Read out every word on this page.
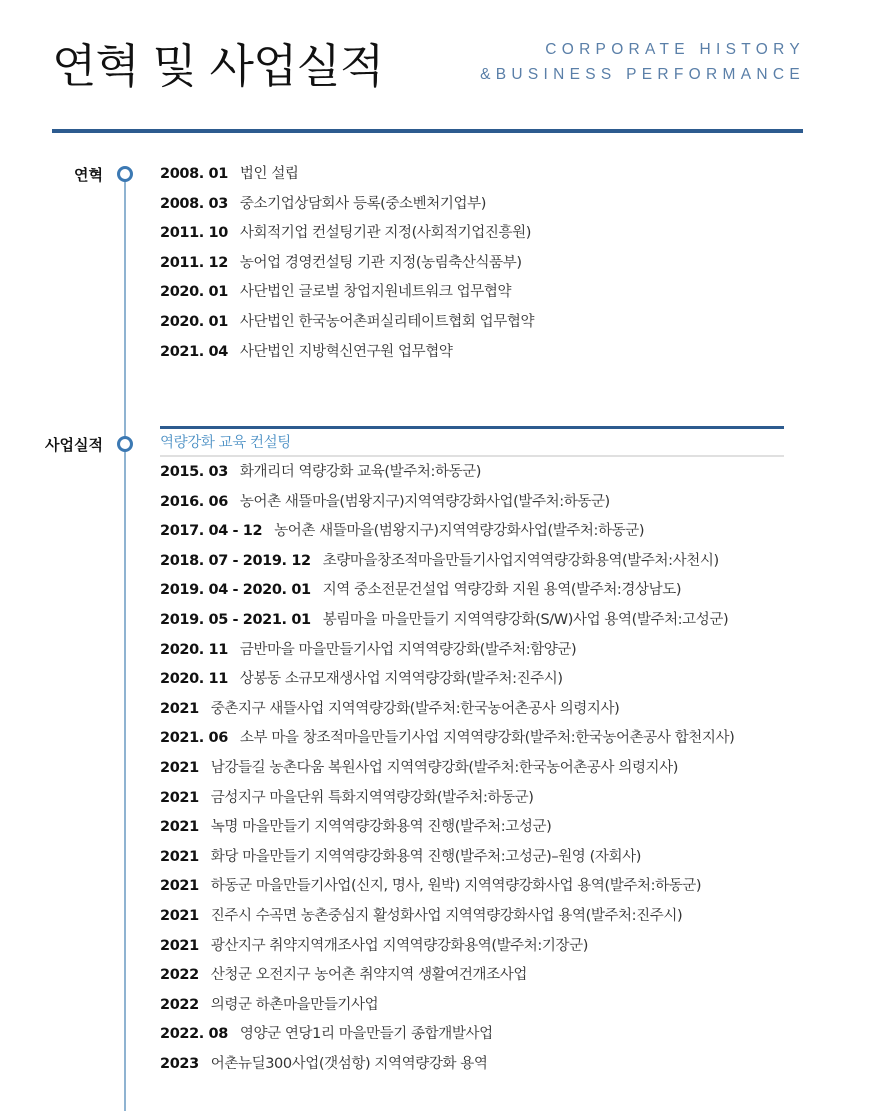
연혁 및 사업실적	CORPORATE HISTORY
&BUSINESS PERFORMANCE
연혁	2008. 01 법인 설립
2008. 03 중소기업상담회사 등록(중소벤처기업부)
2011. 10 사회적기업 컨설팅기관 지정(사회적기업진흥원)
2011. 12 농어업 경영컨설팅 기관 지정(농림축산식품부)
2020. 01 사단법인 글로벌 창업지원네트워크 업무협약
2020. 01 사단법인 한국농어촌퍼실리테이트협회 업무협약
2021. 04 사단법인 지방혁신연구원 업무협약
사업실적	역량강화 교육 컨설팅
2015. 03 화개리더 역량강화 교육(발주처:하동군)
2016. 06 농어촌 새뜰마을(범왕지구)지역역량강화사업(발주처:하동군)
2017. 04 - 12 농어촌 새뜰마을(범왕지구)지역역량강화사업(발주처:하동군)
2018. 07 - 2019. 12 초량마을창조적마을만들기사업지역역량강화용역(발주처:사천시)
2019. 04 - 2020. 01 지역 중소전문건설업 역량강화 지원 용역(발주처:경상남도)
2019. 05 - 2021. 01 봉림마을 마을만들기 지역역량강화(S/W)사업 용역(발주처:고성군)
2020. 11 금반마을 마을만들기사업 지역역량강화(발주처:함양군)
2020. 11 상봉동 소규모재생사업 지역역량강화(발주처:진주시)
2021 중촌지구 새뜰사업 지역역량강화(발주처:한국농어촌공사 의령지사)
2021. 06 소부 마을 창조적마을만들기사업 지역역량강화(발주처:한국농어촌공사 합천지사)
2021 남강들길 농촌다움 복원사업 지역역량강화(발주처:한국농어촌공사 의령지사)
2021 금성지구 마을단위 특화지역역량강화(발주처:하동군)
2021 녹명 마을만들기 지역역량강화용역 진행(발주처:고성군)
2021 화당 마을만들기 지역역량강화용역 진행(발주처:고성군)–원영 (자회사)
2021 하동군 마을만들기사업(신지, 명사, 원박) 지역역량강화사업 용역(발주처:하동군)
2021 진주시 수곡면 농촌중심지 활성화사업 지역역량강화사업 용역(발주처:진주시)
2021 광산지구 취약지역개조사업 지역역량강화용역(발주처:기장군)
2022 산청군 오전지구 농어촌 취약지역 생활여건개조사업
2022 의령군 하촌마을만들기사업
2022. 08 영양군 연당1리 마을만들기 종합개발사업
2023 어촌뉴딜300사업(갯섬항) 지역역량강화 용역
